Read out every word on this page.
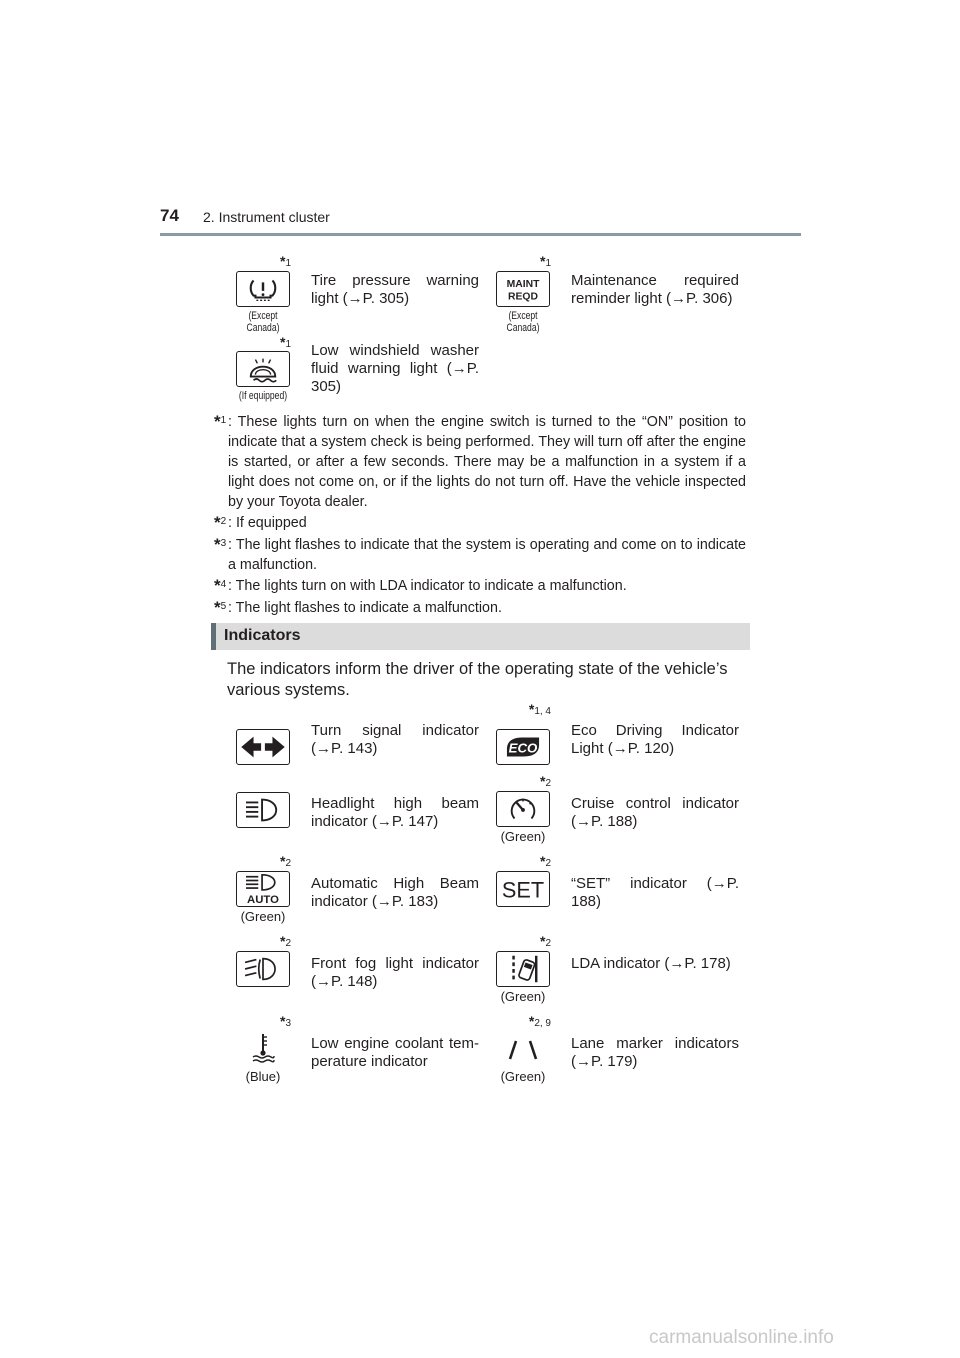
74 2. Instrument cluster
*1
(Except Canada)
Tire pressure warning light (→P. 305)
*1
MAINT
REQD
(Except Canada)
Maintenance required reminder light (→P. 306)
*1
(If equipped)
Low windshield washer fluid warning light (→P. 305)
*$^1$ : These lights turn on when the engine switch is turned to the “ON” position to indicate that a system check is being performed. They will turn off after the engine is started, or after a few seconds. There may be a malfunction in a system if a light does not come on, or if the lights do not turn off. Have the vehicle inspected by your Toyota dealer.
*$^2$ : If equipped
*$^3$ : The light flashes to indicate that the system is operating and come on to indicate a malfunction.
*$^4$ : The lights turn on with LDA indicator to indicate a malfunction.
*$^5$ : The light flashes to indicate a malfunction.
Indicators
The indicators inform the driver of the operating state of the vehicle’s various systems.
Turn signal indicator (→P. 143)
*1, 4
ECO
Eco Driving Indicator Light (→P. 120)
Headlight high beam indicator (→P. 147)
*2
(Green)
Cruise control indicator (→P. 188)
*2
AUTO
(Green)
Automatic High Beam indicator (→P. 183)
*2
SET “SET” indicator (→P. 188)
*2
Front fog light indicator (→P. 148)
*2
(Green)
LDA indicator (→P. 178)
*3
(Blue)
Low engine coolant tem-perature indicator
*2, 9
(Green)
Lane marker indicators (→P. 179)
carmanualsonline.info
